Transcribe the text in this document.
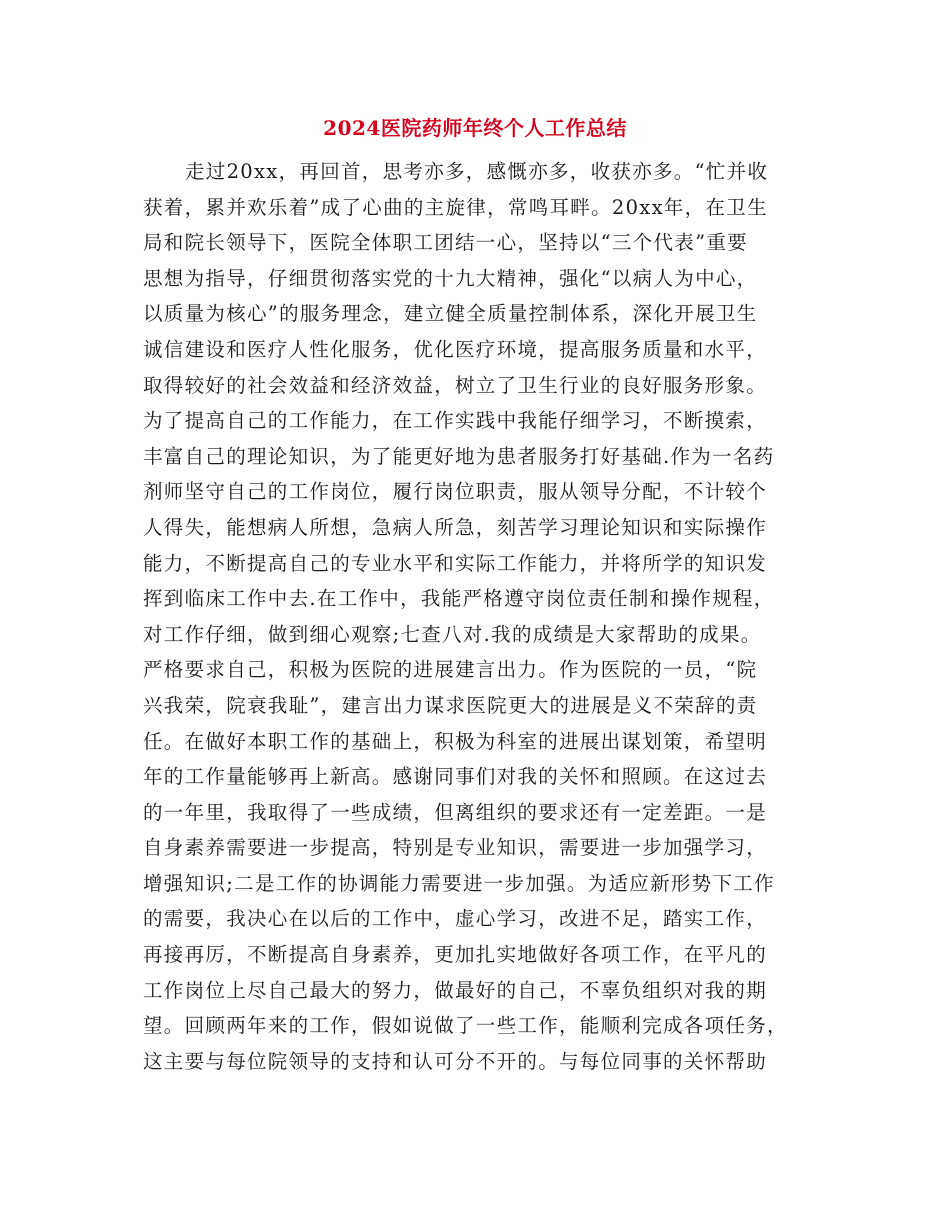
2024医院药师年终个人工作总结
走过20xx，再回首，思考亦多，感慨亦多，收获亦多。“忙并收
获着，累并欢乐着”成了心曲的主旋律，常鸣耳畔。20xx年，在卫生
局和院长领导下，医院全体职工团结一心，坚持以“三个代表”重要
思想为指导，仔细贯彻落实党的十九大精神，强化“以病人为中心，
以质量为核心”的服务理念，建立健全质量控制体系，深化开展卫生
诚信建设和医疗人性化服务，优化医疗环境，提高服务质量和水平，
取得较好的社会效益和经济效益，树立了卫生行业的良好服务形象。
为了提高自己的工作能力，在工作实践中我能仔细学习，不断摸索，
丰富自己的理论知识，为了能更好地为患者服务打好基础.作为一名药
剂师坚守自己的工作岗位，履行岗位职责，服从领导分配，不计较个
人得失，能想病人所想，急病人所急，刻苦学习理论知识和实际操作
能力，不断提高自己的专业水平和实际工作能力，并将所学的知识发
挥到临床工作中去.在工作中，我能严格遵守岗位责任制和操作规程，
对工作仔细，做到细心观察;七查八对.我的成绩是大家帮助的成果。
严格要求自己，积极为医院的进展建言出力。作为医院的一员，“院
兴我荣，院衰我耻”，建言出力谋求医院更大的进展是义不荣辞的责
任。在做好本职工作的基础上，积极为科室的进展出谋划策，希望明
年的工作量能够再上新高。感谢同事们对我的关怀和照顾。在这过去
的一年里，我取得了一些成绩，但离组织的要求还有一定差距。一是
自身素养需要进一步提高，特别是专业知识，需要进一步加强学习，
增强知识;二是工作的协调能力需要进一步加强。为适应新形势下工作
的需要，我决心在以后的工作中，虚心学习，改进不足，踏实工作，
再接再厉，不断提高自身素养，更加扎实地做好各项工作，在平凡的
工作岗位上尽自己最大的努力，做最好的自己，不辜负组织对我的期
望。回顾两年来的工作，假如说做了一些工作，能顺利完成各项任务，
这主要与每位院领导的支持和认可分不开的。与每位同事的关怀帮助
